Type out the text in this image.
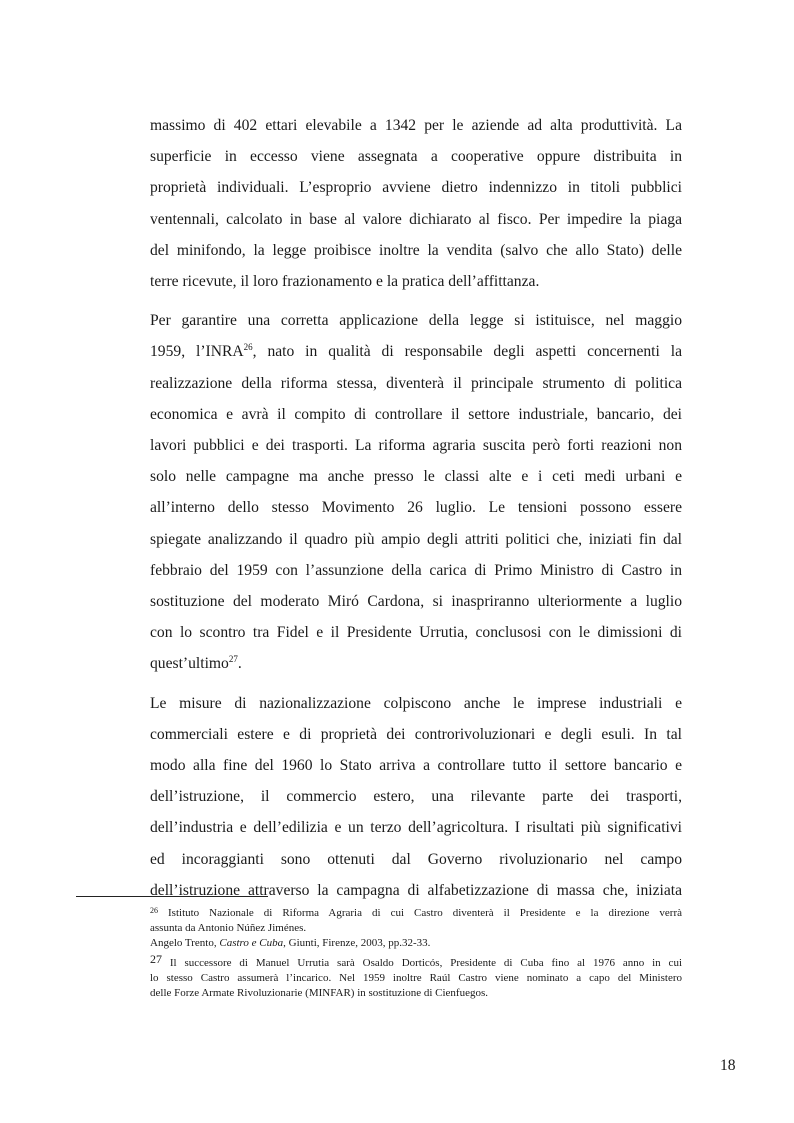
massimo di 402 ettari elevabile a 1342 per le aziende ad alta produttività. La
superficie in eccesso viene assegnata a cooperative oppure distribuita in
proprietà individuali. L’esproprio avviene dietro indennizzo in titoli pubblici
ventennali, calcolato in base al valore dichiarato al fisco. Per impedire la piaga
del minifondo, la legge proibisce inoltre la vendita (salvo che allo Stato) delle
terre ricevute, il loro frazionamento e la pratica dell’affittanza.

Per garantire una corretta applicazione della legge si istituisce, nel maggio
1959, l’INRA$^{26}$, nato in qualità di responsabile degli aspetti concernenti la
realizzazione della riforma stessa, diventerà il principale strumento di politica
economica e avrà il compito di controllare il settore industriale, bancario, dei
lavori pubblici e dei trasporti. La riforma agraria suscita però forti reazioni non
solo nelle campagne ma anche presso le classi alte e i ceti medi urbani e
all’interno dello stesso Movimento 26 luglio. Le tensioni possono essere
spiegate analizzando il quadro più ampio degli attriti politici che, iniziati fin dal
febbraio del 1959 con l’assunzione della carica di Primo Ministro di Castro in
sostituzione del moderato Miró Cardona, si inaspriranno ulteriormente a luglio
con lo scontro tra Fidel e il Presidente Urrutia, conclusosi con le dimissioni di
quest’ultimo$^{27}$.

Le misure di nazionalizzazione colpiscono anche le imprese industriali e
commerciali estere e di proprietà dei controrivoluzionari e degli esuli. In tal
modo alla fine del 1960 lo Stato arriva a controllare tutto il settore bancario e
dell’istruzione, il commercio estero, una rilevante parte dei trasporti,
dell’industria e dell’edilizia e un terzo dell’agricoltura. I risultati più significativi
ed incoraggianti sono ottenuti dal Governo rivoluzionario nel campo
dell’istruzione attraverso la campagna di alfabetizzazione di massa che, iniziata

$^{26}$ Istituto Nazionale di Riforma Agraria di cui Castro diventerà il Presidente e la direzione verrà
assunta da Antonio Núñez Jiménes.
Angelo Trento, Castro e Cuba, Giunti, Firenze, 2003, pp.32-33.
27 Il successore di Manuel Urrutia sarà Osaldo Dorticós, Presidente di Cuba fino al 1976 anno in cui
lo stesso Castro assumerà l’incarico. Nel 1959 inoltre Raúl Castro viene nominato a capo del Ministero
delle Forze Armate Rivoluzionarie (MINFAR) in sostituzione di Cienfuegos.
18
